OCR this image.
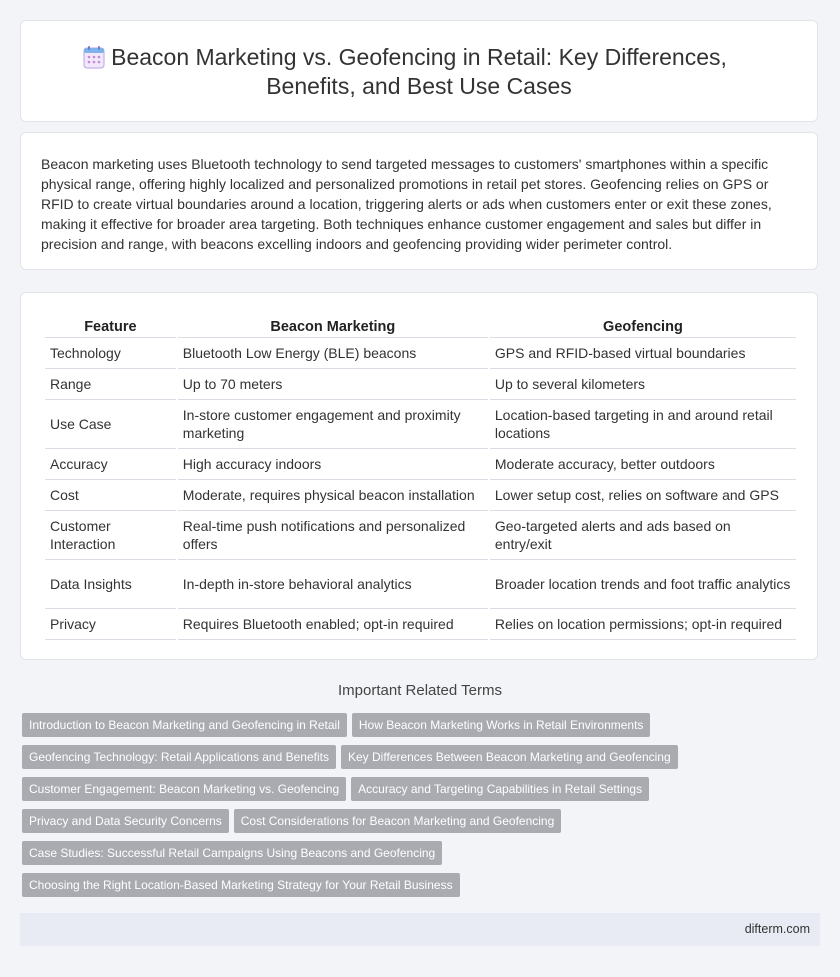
Beacon Marketing vs. Geofencing in Retail: Key Differences, Benefits, and Best Use Cases
Beacon marketing uses Bluetooth technology to send targeted messages to customers' smartphones within a specific physical range, offering highly localized and personalized promotions in retail pet stores. Geofencing relies on GPS or RFID to create virtual boundaries around a location, triggering alerts or ads when customers enter or exit these zones, making it effective for broader area targeting. Both techniques enhance customer engagement and sales but differ in precision and range, with beacons excelling indoors and geofencing providing wider perimeter control.
Feature	Beacon Marketing	Geofencing
Technology	Bluetooth Low Energy (BLE) beacons	GPS and RFID-based virtual boundaries
Range	Up to 70 meters	Up to several kilometers
Use Case	In-store customer engagement and proximity marketing	Location-based targeting in and around retail locations
Accuracy	High accuracy indoors	Moderate accuracy, better outdoors
Cost	Moderate, requires physical beacon installation	Lower setup cost, relies on software and GPS
Customer Interaction	Real-time push notifications and personalized offers	Geo-targeted alerts and ads based on entry/exit
Data Insights	In-depth in-store behavioral analytics	Broader location trends and foot traffic analytics
Privacy	Requires Bluetooth enabled; opt-in required	Relies on location permissions; opt-in required
Important Related Terms
Introduction to Beacon Marketing and Geofencing in Retail How Beacon Marketing Works in Retail Environments
Geofencing Technology: Retail Applications and Benefits Key Differences Between Beacon Marketing and Geofencing
Customer Engagement: Beacon Marketing vs. Geofencing Accuracy and Targeting Capabilities in Retail Settings
Privacy and Data Security Concerns Cost Considerations for Beacon Marketing and Geofencing
Case Studies: Successful Retail Campaigns Using Beacons and Geofencing
Choosing the Right Location-Based Marketing Strategy for Your Retail Business
difterm.com
